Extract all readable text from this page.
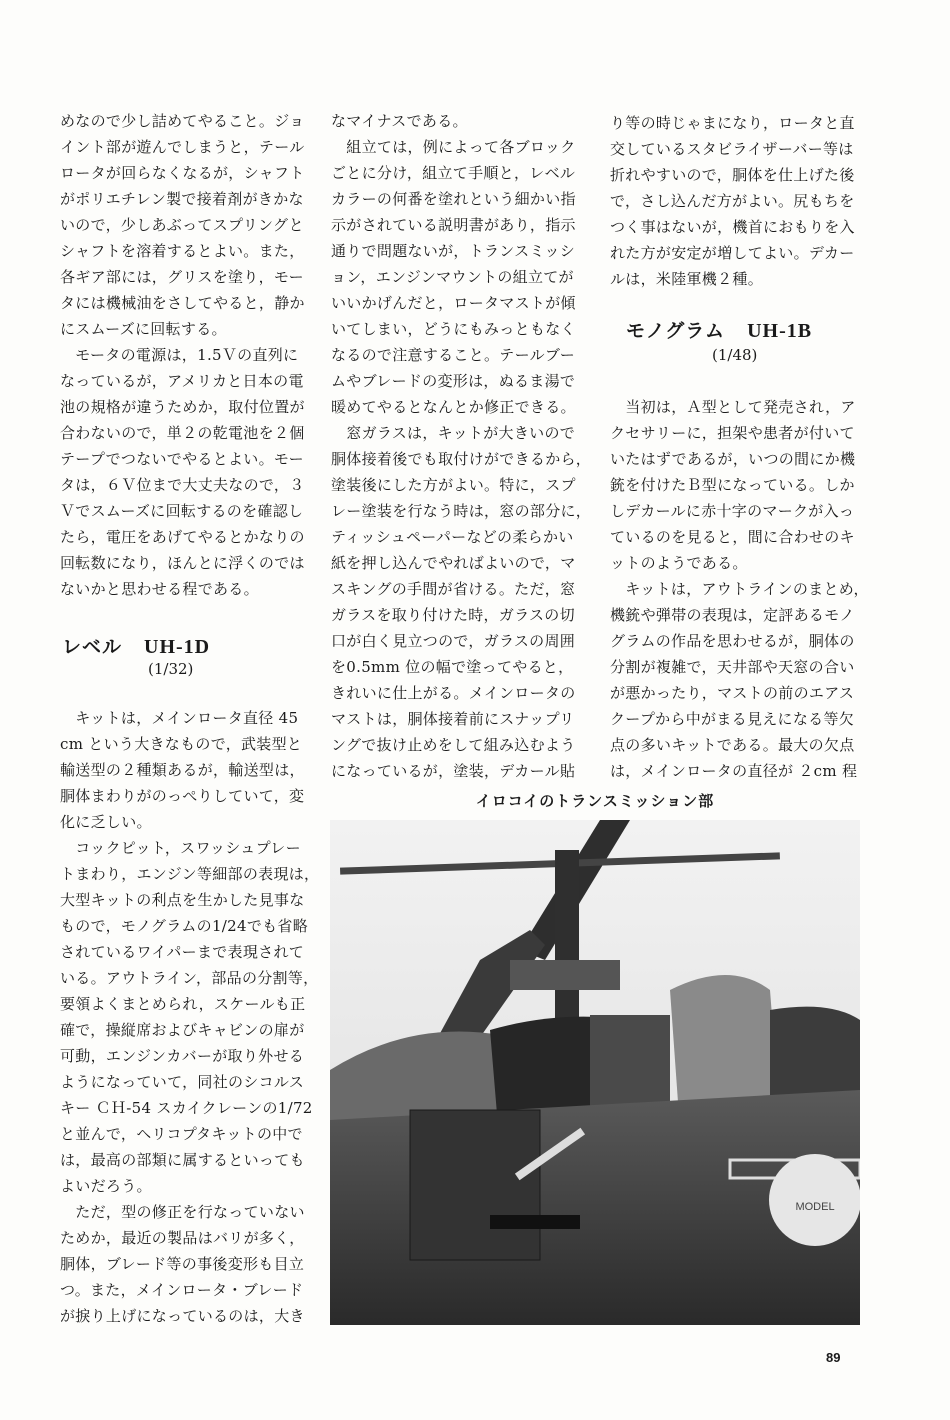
めなので少し詰めてやること。ジョ
イント部が遊んでしまうと，テール
ロータが回らなくなるが，シャフト
がポリエチレン製で接着剤がきかな
いので，少しあぶってスプリングと
シャフトを溶着するとよい。また，
各ギア部には，グリスを塗り，モー
タには機械油をさしてやると，静か
にスムーズに回転する。
　モータの電源は，1.5Ｖの直列に
なっているが，アメリカと日本の電
池の規格が違うためか，取付位置が
合わないので，単２の乾電池を２個
テープでつないでやるとよい。モー
タは，６Ｖ位まで大丈夫なので，３
Ｖでスムーズに回転するのを確認し
たら，電圧をあげてやるとかなりの
回転数になり，ほんとに浮くのでは
ないかと思わせる程である。
レベル UH-1D
(1/32)
　キットは，メインロータ直径 45
cm という大きなもので，武装型と
輸送型の２種類あるが，輸送型は，
胴体まわりがのっぺりしていて，変
化に乏しい。
　コックピット，スワッシュプレー
トまわり，エンジン等細部の表現は，
大型キットの利点を生かした見事な
もので，モノグラムの1/24でも省略
されているワイパーまで表現されて
いる。アウトライン，部品の分割等，
要領よくまとめられ，スケールも正
確で，操縦席およびキャビンの扉が
可動，エンジンカバーが取り外せる
ようになっていて，同社のシコルス
キー ＣＨ-54 スカイクレーンの1/72
と並んで，ヘリコプタキットの中で
は，最高の部類に属するといっても
よいだろう。
　ただ，型の修正を行なっていない
ためか，最近の製品はバリが多く，
胴体，ブレード等の事後変形も目立
つ。また，メインロータ・ブレード
が捩り上げになっているのは，大き
なマイナスである。
　組立ては，例によって各ブロック
ごとに分け，組立て手順と，レベル
カラーの何番を塗れという細かい指
示がされている説明書があり，指示
通りで問題ないが，トランスミッシ
ョン，エンジンマウントの組立てが
いいかげんだと，ロータマストが傾
いてしまい，どうにもみっともなく
なるので注意すること。テールブー
ムやブレードの変形は，ぬるま湯で
暖めてやるとなんとか修正できる。
　窓ガラスは，キットが大きいので
胴体接着後でも取付けができるから，
塗装後にした方がよい。特に，スプ
レー塗装を行なう時は，窓の部分に，
ティッシュペーパーなどの柔らかい
紙を押し込んでやればよいので，マ
スキングの手間が省ける。ただ，窓
ガラスを取り付けた時，ガラスの切
口が白く見立つので，ガラスの周囲
を0.5mm 位の幅で塗ってやると，
きれいに仕上がる。メインロータの
マストは，胴体接着前にスナップリ
ングで抜け止めをして組み込むよう
になっているが，塗装，デカール貼
り等の時じゃまになり，ロータと直
交しているスタビライザーバー等は
折れやすいので，胴体を仕上げた後
で，さし込んだ方がよい。尻もちを
つく事はないが，機首におもりを入
れた方が安定が増してよい。デカー
ルは，米陸軍機２種。
モノグラム UH-1B
(1/48)
　当初は，Ａ型として発売され，ア
クセサリーに，担架や患者が付いて
いたはずであるが，いつの間にか機
銃を付けたＢ型になっている。しか
しデカールに赤十字のマークが入っ
ているのを見ると，間に合わせのキ
ットのようである。
　キットは，アウトラインのまとめ，
機銃や弾帯の表現は，定評あるモノ
グラムの作品を思わせるが，胴体の
分割が複雑で，天井部や天窓の合い
が悪かったり，マストの前のエアス
クープから中がまる見えになる等欠
点の多いキットである。最大の欠点
は，メインロータの直径が ２cm 程
イロコイのトランスミッション部
MODEL
89
